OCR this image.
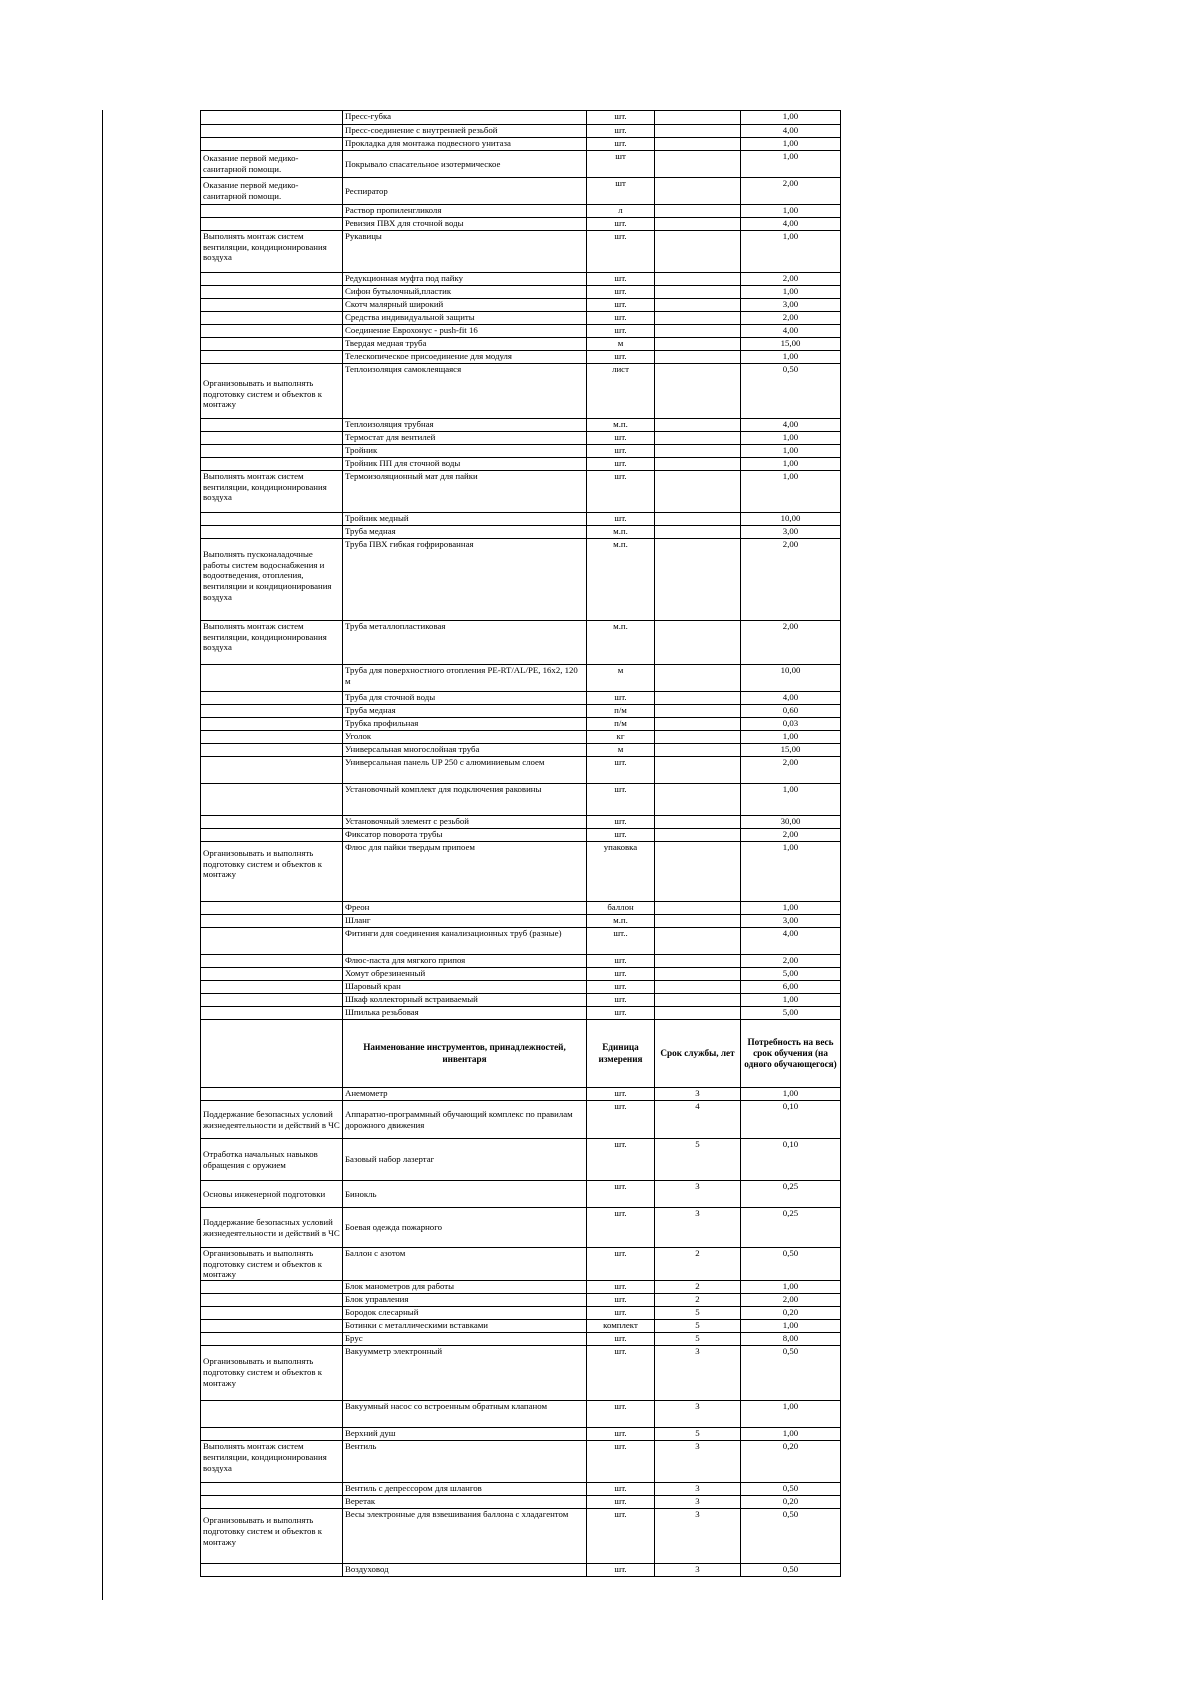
	Пресс-губка	шт.		1,00
	Пресс-соединение с внутренней резьбой	шт.		4,00
	Прокладка для монтажа подвесного унитаза	шт.		1,00
Оказание первой медико-санитарной помощи.	Покрывало спасательное изотермическое	шт		1,00
Оказание первой медико-санитарной помощи.	Респиратор	шт		2,00
	Раствор пропиленгликоля	л		1,00
	Ревизия ПВХ для сточной воды	шт.		4,00
Выполнять монтаж систем вентиляции, кондиционирования воздуха	Рукавицы	шт.		1,00
	Редукционная муфта под пайку	шт.		2,00
	Сифон бутылочный,пластик	шт.		1,00
	Скотч малярный широкий	шт.		3,00
	Средства индивидуальной защиты	шт.		2,00
	Соединение Еврохонус - push-fit 16	шт.		4,00
	Твердая медная труба	м		15,00
	Телескопическое присоединение для модуля	шт.		1,00
Организовывать и выполнять подготовку систем и объектов к монтажу	Теплоизоляция самоклеящаяся	лист		0,50
	Теплоизоляция трубная	м.п.		4,00
	Термостат для вентилей	шт.		1,00
	Тройник	шт.		1,00
	Тройник ПП для сточной воды	шт.		1,00
Выполнять монтаж систем вентиляции, кондиционирования воздуха	Термоизоляционный мат для пайки	шт.		1,00
	Тройник медный	шт.		10,00
	Труба медная	м.п.		3,00
Выполнять пусконаладочные работы систем водоснабжения и водоотведения, отопления, вентиляции и кондиционирования воздуха	Труба ПВХ гибкая гофрированная	м.п.		2,00
Выполнять монтаж систем вентиляции, кондиционирования воздуха	Труба металлопластиковая	м.п.		2,00
	Труба для поверхностного отопления PE-RT/AL/PE, 16х2, 120 м	м		10,00
	Труба для сточной воды	шт.		4,00
	Труба медная	п/м		0,60
	Трубка профильная	п/м		0,03
	Уголок	кг		1,00
	Универсальная многослойная труба	м		15,00
	Универсальная панель UP 250 с алюминиевым слоем	шт.		2,00
	Установочный комплект для подключения раковины	шт.		1,00
	Установочный элемент с резьбой	шт.		30,00
	Фиксатор поворота трубы	шт.		2,00
Организовывать и выполнять подготовку систем и объектов к монтажу	Флюс для пайки твердым припоем	упаковка		1,00
	Фреон	баллон		1,00
	Шланг	м.п.		3,00
	Фитинги для соединения канализационных труб (разные)	шт..		4,00
	Флюс-паста для мягкого припоя	шт.		2,00
	Хомут обрезиненный	шт.		5,00
	Шаровый кран	шт.		6,00
	Шкаф коллекторный встраиваемый	шт.		1,00
	Шпилька резьбовая	шт.		5,00
	Наименование инструментов, принадлежностей, инвентаря	Единица измерения	Срок службы, лет	Потребность на весь срок обучения (на одного обучающегося)
	Анемометр	шт.	3	1,00
Поддержание безопасных условий жизнедеятельности и действий в ЧС	Аппаратно-программный обучающий комплекс по правилам дорожного движения	шт.	4	0,10
Отработка начальных навыков обращения с оружием	Базовый набор лазертаг	шт.	5	0,10
Основы инженерной подготовки	Бинокль	шт.	3	0,25
Поддержание безопасных условий жизнедеятельности и действий в ЧС	Боевая одежда пожарного	шт.	3	0,25
Организовывать и выполнять подготовку систем и объектов к монтажу	Баллон с азотом	шт.	2	0,50
	Блок манометров для работы	шт.	2	1,00
	Блок управления	шт.	2	2,00
	Бородок слесарный	шт.	5	0,20
	Ботинки с металлическими вставками	комплект	5	1,00
	Брус	шт.	5	8,00
Организовывать и выполнять подготовку систем и объектов к монтажу	Вакуумметр электронный	шт.	3	0,50
	Вакуумный насос со встроенным обратным клапаном	шт.	3	1,00
	Верхний душ	шт.	5	1,00
Выполнять монтаж систем вентиляции, кондиционирования воздуха	Вентиль	шт.	3	0,20
	Вентиль с депрессором для шлангов	шт.	3	0,50
	Веретак	шт.	3	0,20
Организовывать и выполнять подготовку систем и объектов к монтажу	Весы электронные для взвешивания баллона с хладагентом	шт.	3	0,50
	Воздуховод	шт.	3	0,50
